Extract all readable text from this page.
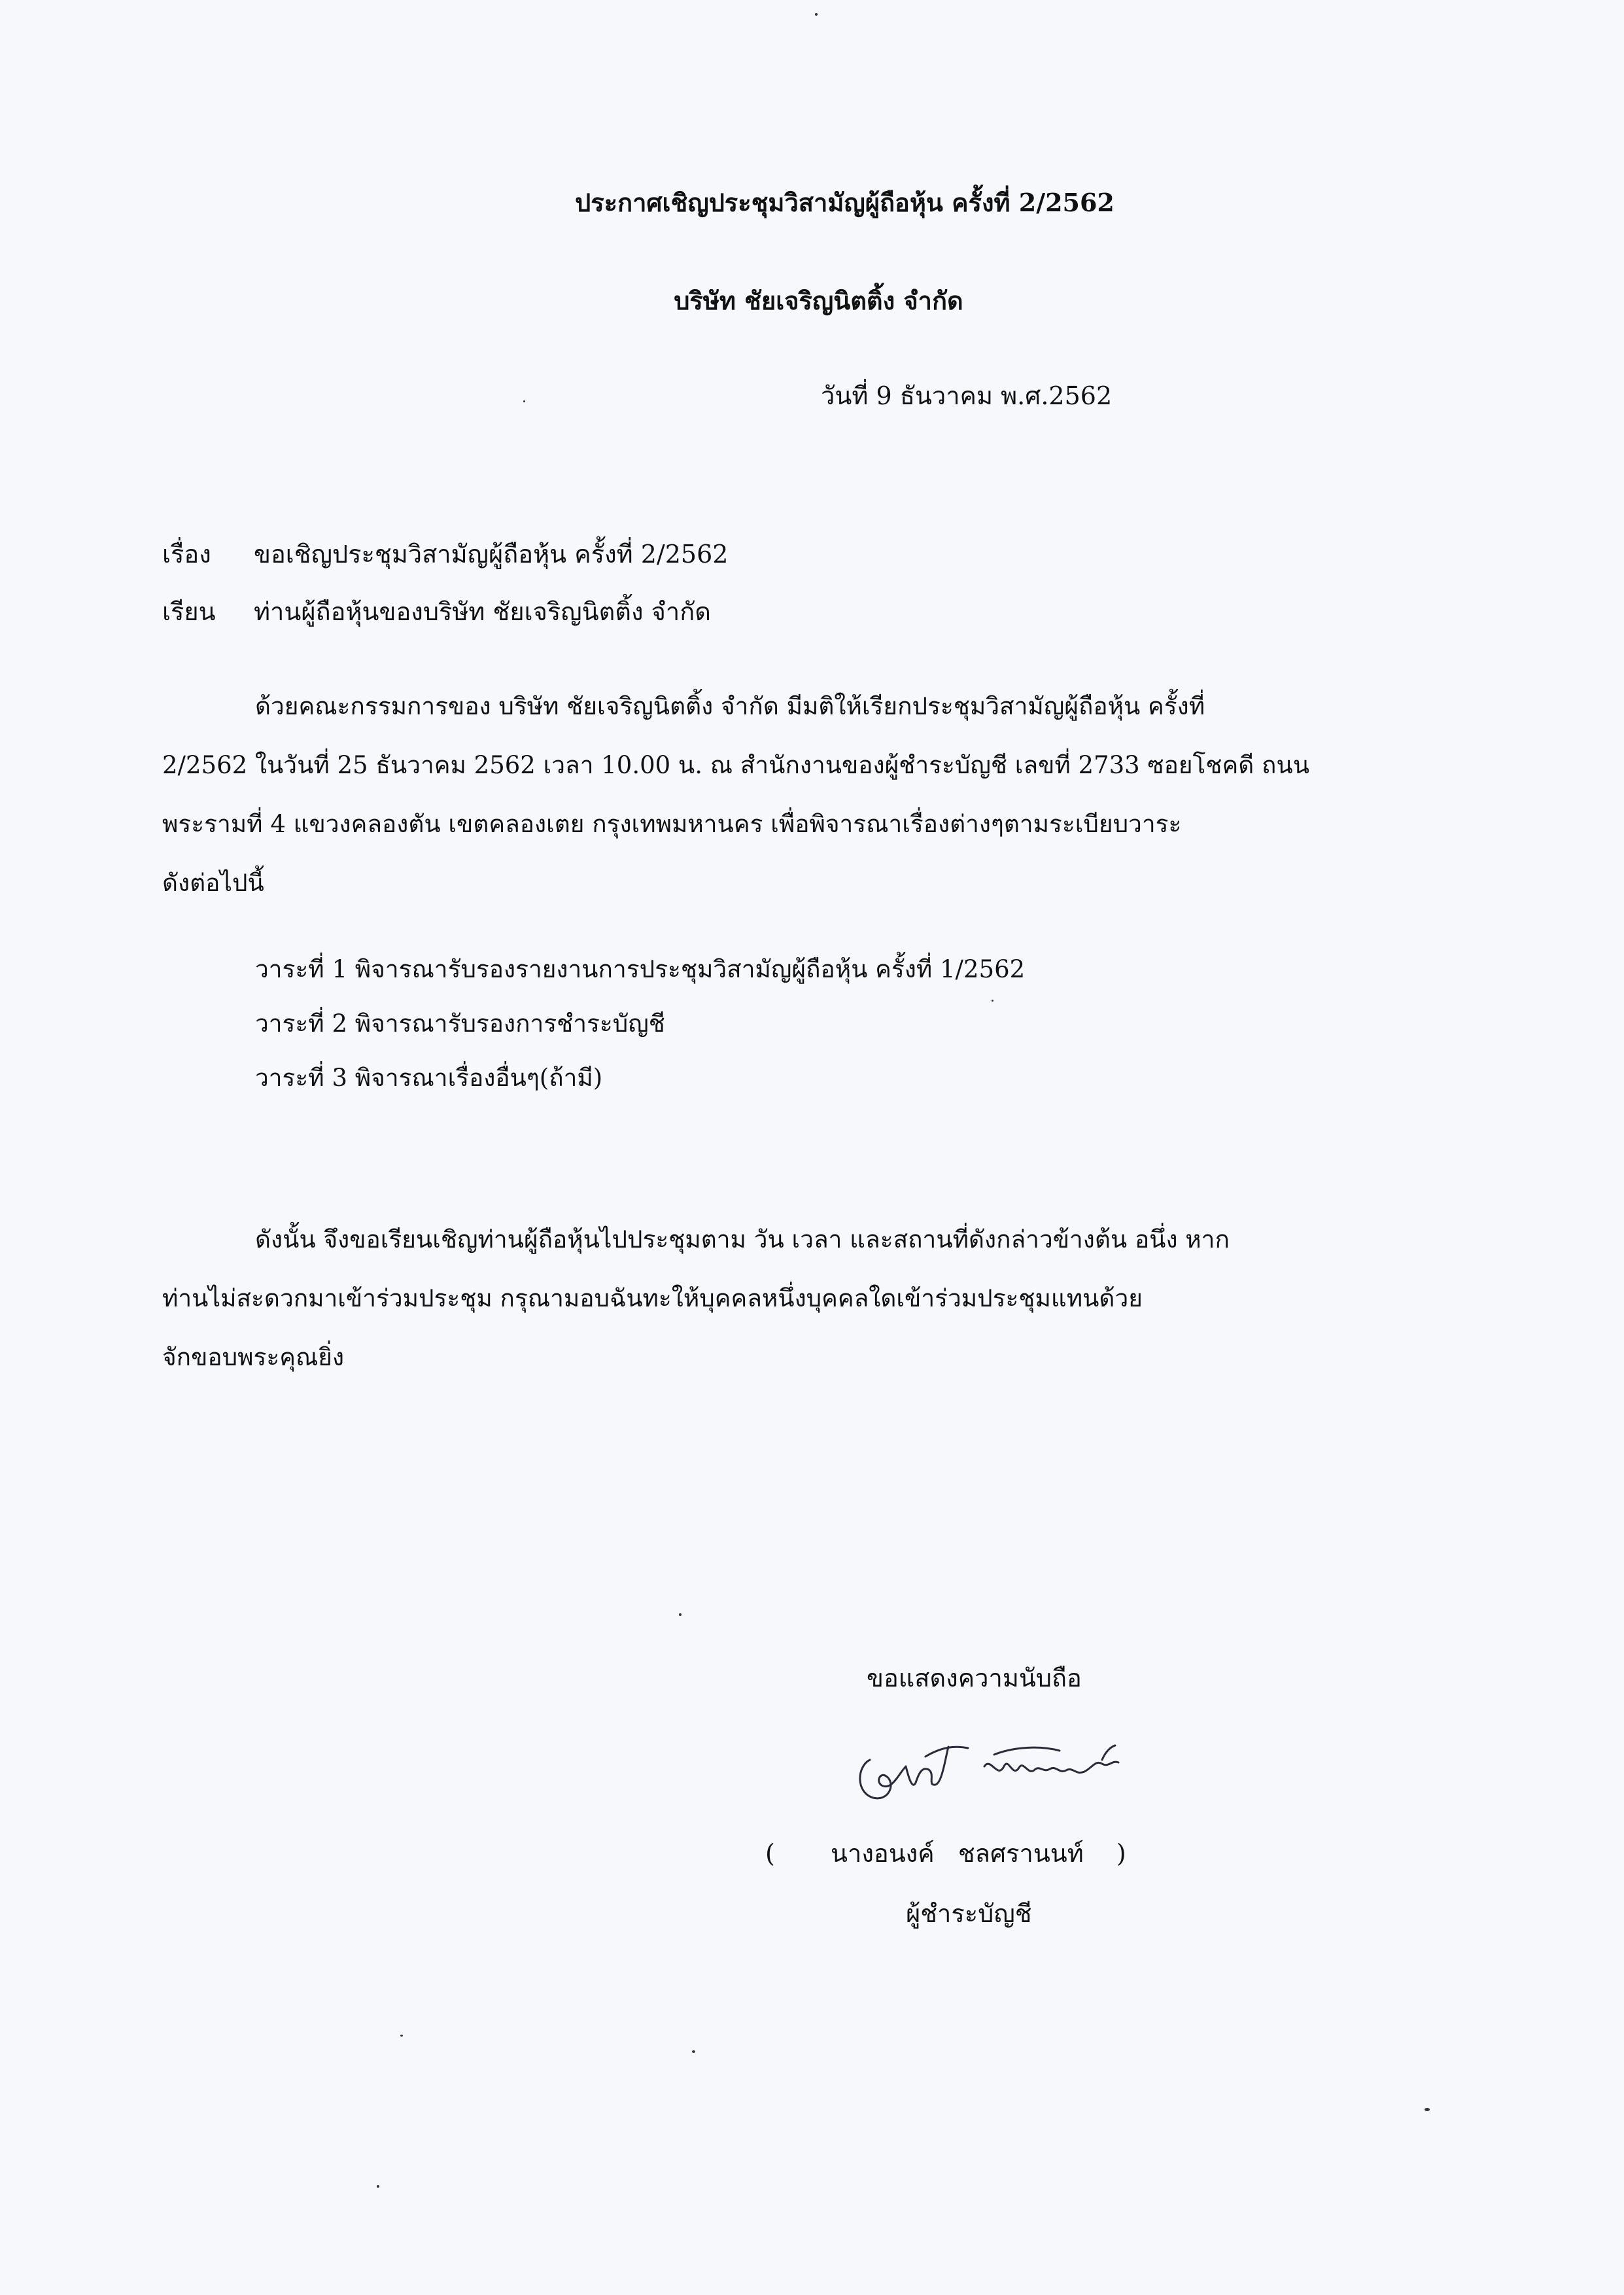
ประกาศเชิญประชุมวิสามัญผู้ถือหุ้น ครั้งที่ 2/2562
บริษัท ชัยเจริญนิตติ้ง จำกัด
วันที่ 9 ธันวาคม พ.ศ.2562
เรื่อง ขอเชิญประชุมวิสามัญผู้ถือหุ้น ครั้งที่ 2/2562
เรียน ท่านผู้ถือหุ้นของบริษัท ชัยเจริญนิตติ้ง จำกัด
ด้วยคณะกรรมการของ บริษัท ชัยเจริญนิตติ้ง จำกัด มีมติให้เรียกประชุมวิสามัญผู้ถือหุ้น ครั้งที่
2/2562 ในวันที่ 25 ธันวาคม 2562 เวลา 10.00 น. ณ สำนักงานของผู้ชำระบัญชี เลขที่ 2733 ซอยโชคดี ถนน
พระรามที่ 4 แขวงคลองตัน เขตคลองเตย กรุงเทพมหานคร เพื่อพิจารณาเรื่องต่างๆตามระเบียบวาระ
ดังต่อไปนี้
วาระที่ 1 พิจารณารับรองรายงานการประชุมวิสามัญผู้ถือหุ้น ครั้งที่ 1/2562
วาระที่ 2 พิจารณารับรองการชำระบัญชี
วาระที่ 3 พิจารณาเรื่องอื่นๆ(ถ้ามี)
ดังนั้น จึงขอเรียนเชิญท่านผู้ถือหุ้นไปประชุมตาม วัน เวลา และสถานที่ดังกล่าวข้างต้น อนึ่ง หาก
ท่านไม่สะดวกมาเข้าร่วมประชุม กรุณามอบฉันทะให้บุคคลหนึ่งบุคคลใดเข้าร่วมประชุมแทนด้วย
จักขอบพระคุณยิ่ง
ขอแสดงความนับถือ
( นางอนงค์   ชลศรานนท์ )
ผู้ชำระบัญชี
